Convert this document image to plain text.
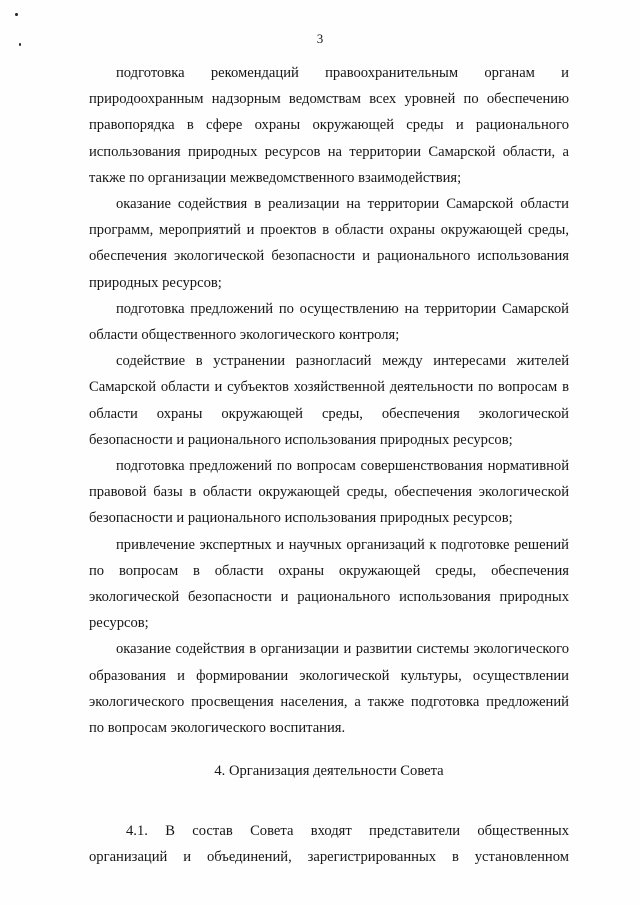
3

подготовка рекомендаций правоохранительным органам и природоохранным надзорным ведомствам всех уровней по обеспечению правопорядка в сфере охраны окружающей среды и рационального использования природных ресурсов на территории Самарской области, а также по организации межведомственного взаимодействия;

оказание содействия в реализации на территории Самарской области программ, мероприятий и проектов в области охраны окружающей среды, обеспечения экологической безопасности и рационального использования природных ресурсов;

подготовка предложений по осуществлению на территории Самарской области общественного экологического контроля;

содействие в устранении разногласий между интересами жителей Самарской области и субъектов хозяйственной деятельности по вопросам в области охраны окружающей среды, обеспечения экологической безопасности и рационального использования природных ресурсов;

подготовка предложений по вопросам совершенствования нормативной правовой базы в области окружающей среды, обеспечения экологической безопасности и рационального использования природных ресурсов;

привлечение экспертных и научных организаций к подготовке решений по вопросам в области охраны окружающей среды, обеспечения экологической безопасности и рационального использования природных ресурсов;

оказание содействия в организации и развитии системы экологического образования и формировании экологической культуры, осуществлении экологического просвещения населения, а также подготовка предложений по вопросам экологического воспитания.

4. Организация деятельности Совета
4.1. В состав Совета входят представители общественных
организаций и объединений, зарегистрированных в установленном
